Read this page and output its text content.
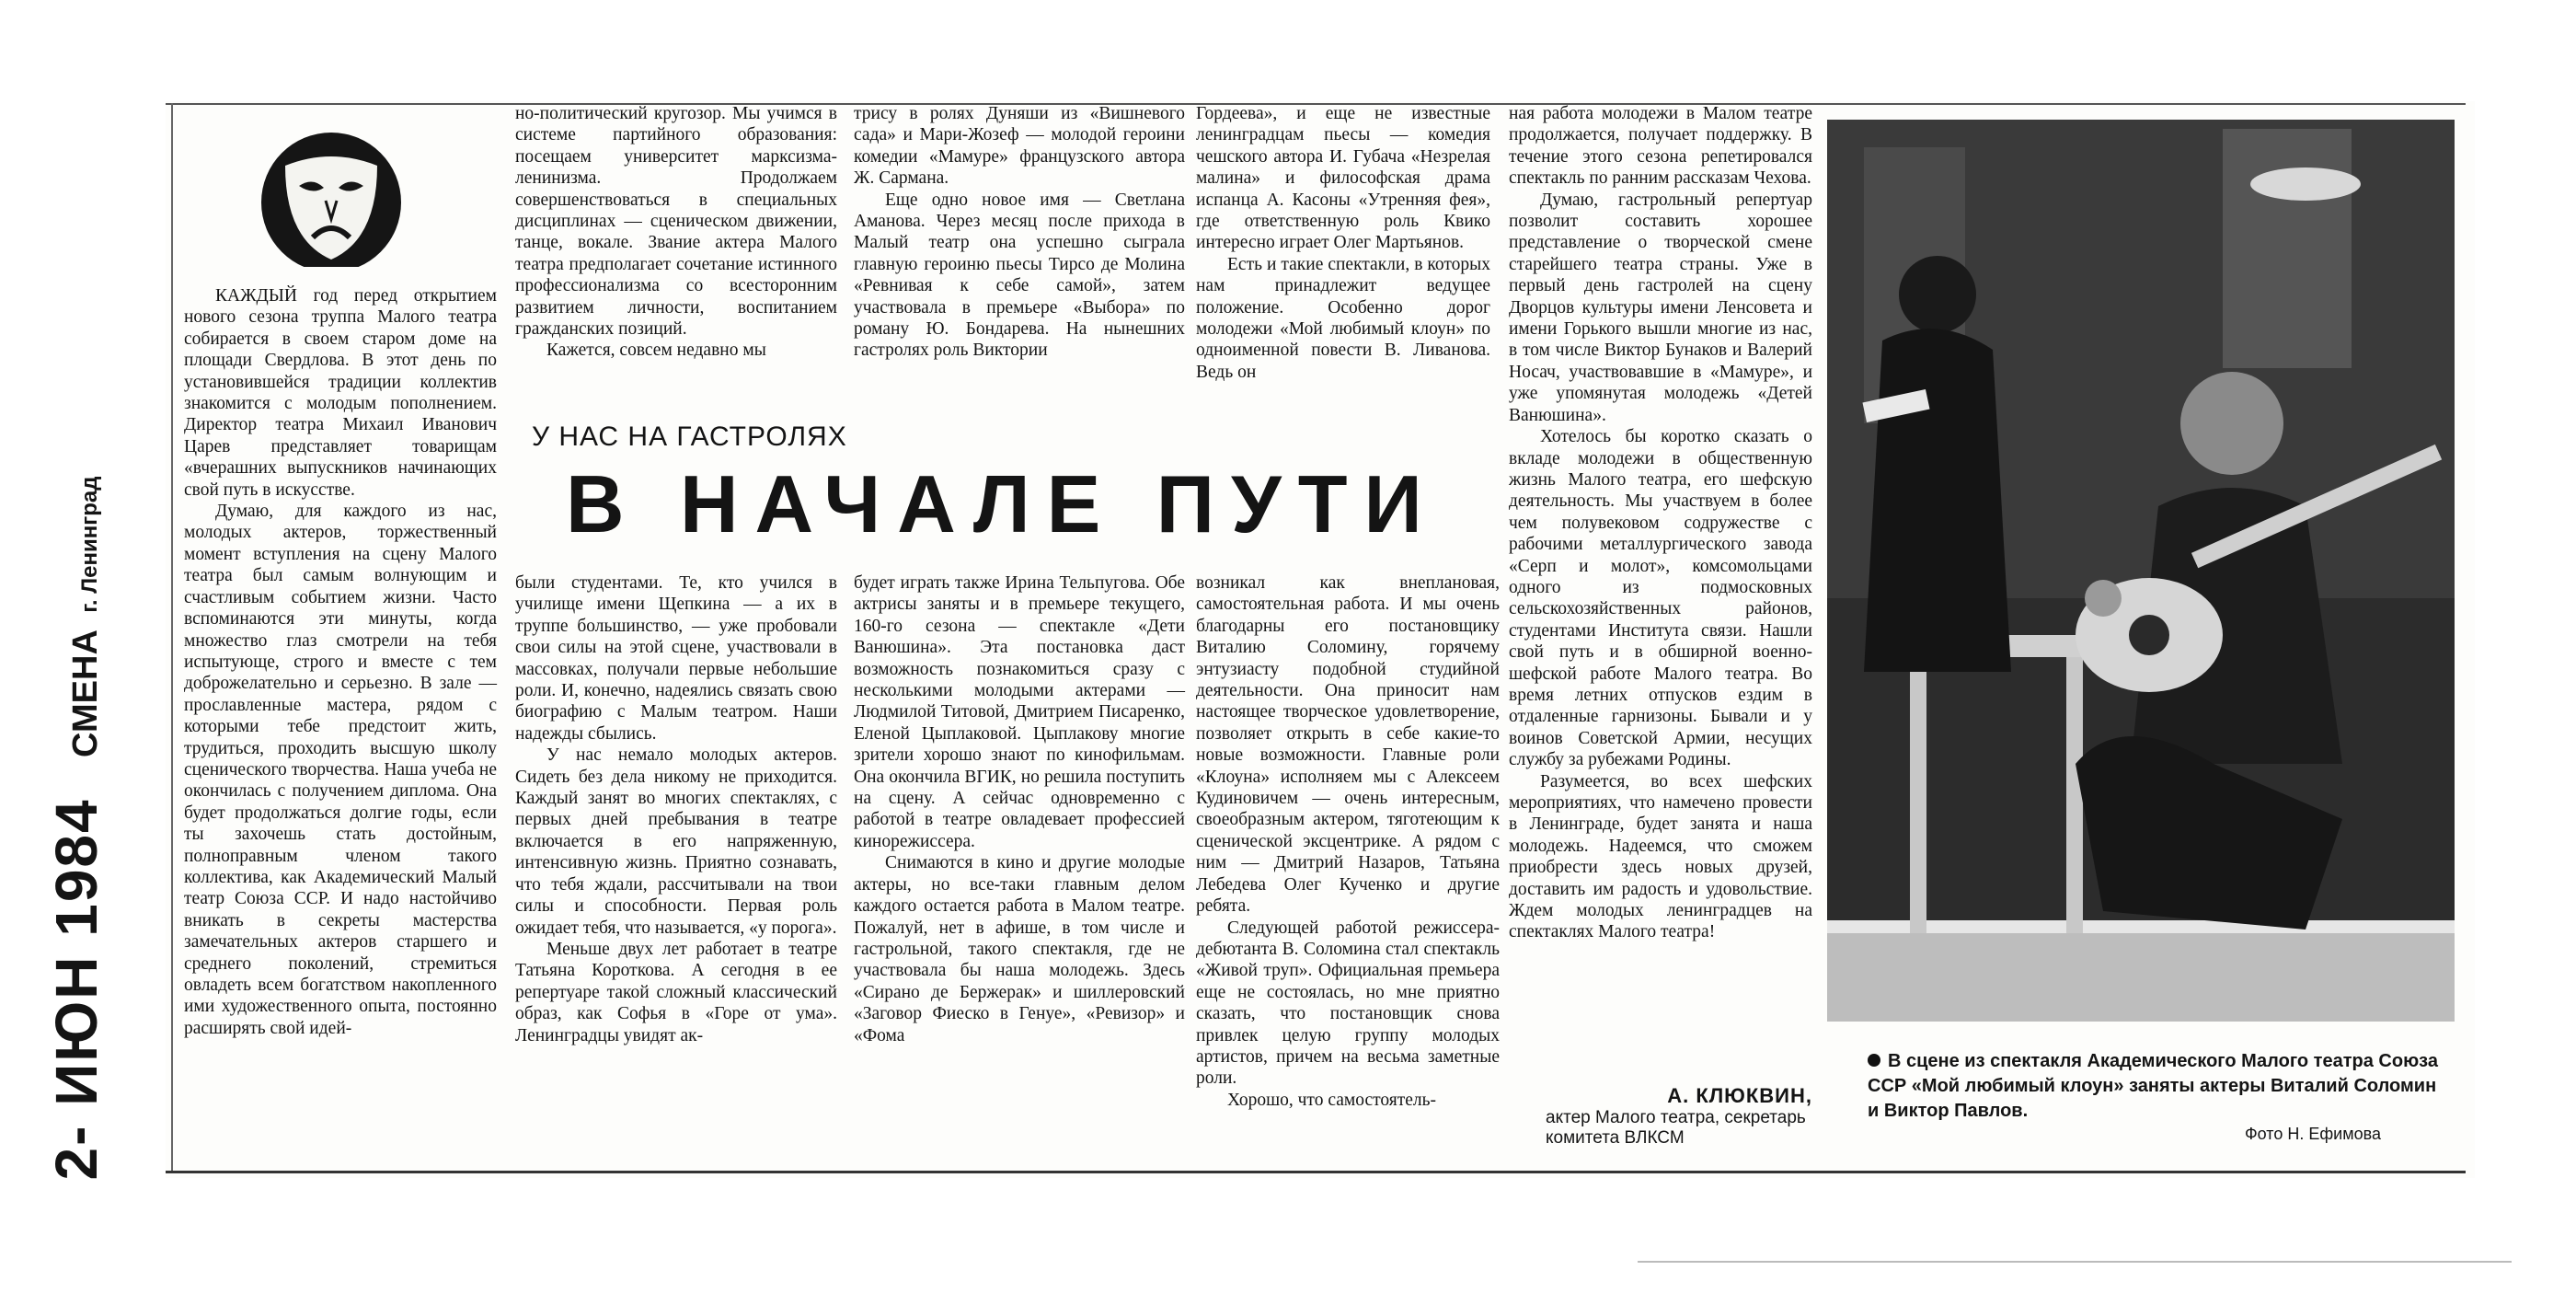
2- ИЮН 1984 СМЕНА г. Ленинград

КАЖДЫЙ год перед открытием нового сезона труппа Малого театра собирается в своем старом доме на площади Свердлова. В этот день по установившейся традиции коллектив знакомится с молодым пополнением. Директор театра Михаил Иванович Царев представляет товарищам «вчерашних выпускников начинающих свой путь в искусстве.

Думаю, для каждого из нас, молодых актеров, торжественный момент вступления на сцену Малого театра был самым волнующим и счастливым событием жизни. Часто вспоминаются эти минуты, когда множество глаз смотрели на тебя испытующе, строго и вместе с тем доброжелательно и серьезно. В зале — прославленные мастера, рядом с которыми тебе предстоит жить, трудиться, проходить высшую школу сценического творчества. Наша учеба не окончилась с получением диплома. Она будет продолжаться долгие годы, если ты захочешь стать достойным, полноправным членом такого коллектива, как Академический Малый театр Союза ССР. И надо настойчиво вникать в секреты мастерства замечательных актеров старшего и среднего поколений, стремиться овладеть всем богатством накопленного ими художественного опыта, постоянно расширять свой идей-

но-политический кругозор. Мы учимся в системе партийного образования: посещаем университет марксизма-ленинизма. Продолжаем совершенствоваться в специальных дисциплинах — сценическом движении, танце, вокале. Звание актера Малого театра предполагает сочетание истинного профессионализма со всесторонним развитием личности, воспитанием гражданских позиций.

Кажется, совсем недавно мы

трису в ролях Дуняши из «Вишневого сада» и Мари-Жозеф — молодой героини комедии «Мамуре» французского автора Ж. Сармана.

Еще одно новое имя — Светлана Аманова. Через месяц после прихода в Малый театр она успешно сыграла главную героиню пьесы Тирсо де Молина «Ревнивая к себе самой», затем участвовала в премьере «Выбора» по роману Ю. Бондарева. На нынешних гастролях роль Виктории

Гордеева», и еще не известные ленинградцам пьесы — комедия чешского автора И. Губача «Незрелая малина» и философская драма испанца А. Касоны «Утренняя фея», где ответственную роль Квико интересно играет Олег Мартьянов.

Есть и такие спектакли, в которых нам принадлежит ведущее положение. Особенно дорог молодежи «Мой любимый клоун» по одноименной повести В. Ливанова. Ведь он

У НАС НА ГАСТРОЛЯХ
В НАЧАЛЕ ПУТИ

были студентами. Те, кто учился в училище имени Щепкина — а их в труппе большинство, — уже пробовали свои силы на этой сцене, участвовали в массовках, получали первые небольшие роли. И, конечно, надеялись связать свою биографию с Малым театром. Наши надежды сбылись.

У нас немало молодых актеров. Сидеть без дела никому не приходится. Каждый занят во многих спектаклях, с первых дней пребывания в театре включается в его напряженную, интенсивную жизнь. Приятно сознавать, что тебя ждали, рассчитывали на твои силы и способности. Первая роль ожидает тебя, что называется, «у порога».

Меньше двух лет работает в театре Татьяна Короткова. А сегодня в ее репертуаре такой сложный классический образ, как Софья в «Горе от ума». Ленинградцы увидят ак-

будет играть также Ирина Тельпугова. Обе актрисы заняты и в премьере текущего, 160-го сезона — спектакле «Дети Ванюшина». Эта постановка даст возможность познакомиться сразу с несколькими молодыми актерами — Людмилой Титовой, Дмитрием Писаренко, Еленой Цыплаковой. Цыплакову многие зрители хорошо знают по кинофильмам. Она окончила ВГИК, но решила поступить на сцену. А сейчас одновременно с работой в театре овладевает профессией кинорежиссера.

Снимаются в кино и другие молодые актеры, но все-таки главным делом каждого остается работа в Малом театре. Пожалуй, нет в афише, в том числе и гастрольной, такого спектакля, где не участвовала бы наша молодежь. Здесь «Сирано де Бержерак» и шиллеровский «Заговор Фиеско в Генуе», «Ревизор» и «Фома

возникал как внеплановая, самостоятельная работа. И мы очень благодарны его постановщику Виталию Соломину, горячему энтузиасту подобной студийной деятельности. Она приносит нам настоящее творческое удовлетворение, позволяет открыть в себе какие-то новые возможности. Главные роли «Клоуна» исполняем мы с Алексеем Кудиновичем — очень интересным, своеобразным актером, тяготеющим к сценической эксцентрике. А рядом с ним — Дмитрий Назаров, Татьяна Лебедева Олег Кученко и другие ребята.

Следующей работой режиссера-дебютанта В. Соломина стал спектакль «Живой труп». Официальная премьера еще не состоялась, но мне приятно сказать, что постановщик снова привлек целую группу молодых артистов, причем на весьма заметные роли.

Хорошо, что самостоятель-

ная работа молодежи в Малом театре продолжается, получает поддержку. В течение этого сезона репетировался спектакль по ранним рассказам Чехова.

Думаю, гастрольный репертуар позволит составить хорошее представление о творческой смене старейшего театра страны. Уже в первый день гастролей на сцену Дворцов культуры имени Ленсовета и имени Горького вышли многие из нас, в том числе Виктор Бунаков и Валерий Носач, участвовавшие в «Мамуре», и уже упомянутая молодежь «Детей Ванюшина».

Хотелось бы коротко сказать о вкладе молодежи в общественную жизнь Малого театра, его шефскую деятельность. Мы участвуем в более чем полувековом содружестве с рабочими металлургического завода «Серп и молот», комсомольцами одного из подмосковных сельскохозяйственных районов, студентами Института связи. Нашли свой путь и в обширной военно-шефской работе Малого театра. Во время летних отпусков ездим в отдаленные гарнизоны. Бывали и у воинов Советской Армии, несущих службу за рубежами Родины.

Разумеется, во всех шефских мероприятиях, что намечено провести в Ленинграде, будет занята и наша молодежь. Надеемся, что сможем приобрести здесь новых друзей, доставить им радость и удовольствие. Ждем молодых ленинградцев на спектаклях Малого театра!

А. КЛЮКВИН,
актер Малого театра, секретарь комитета ВЛКСМ
В сцене из спектакля Академического Малого театра Союза ССР «Мой любимый клоун» заняты актеры Виталий Соломин и Виктор Павлов.
Фото Н. Ефимова
